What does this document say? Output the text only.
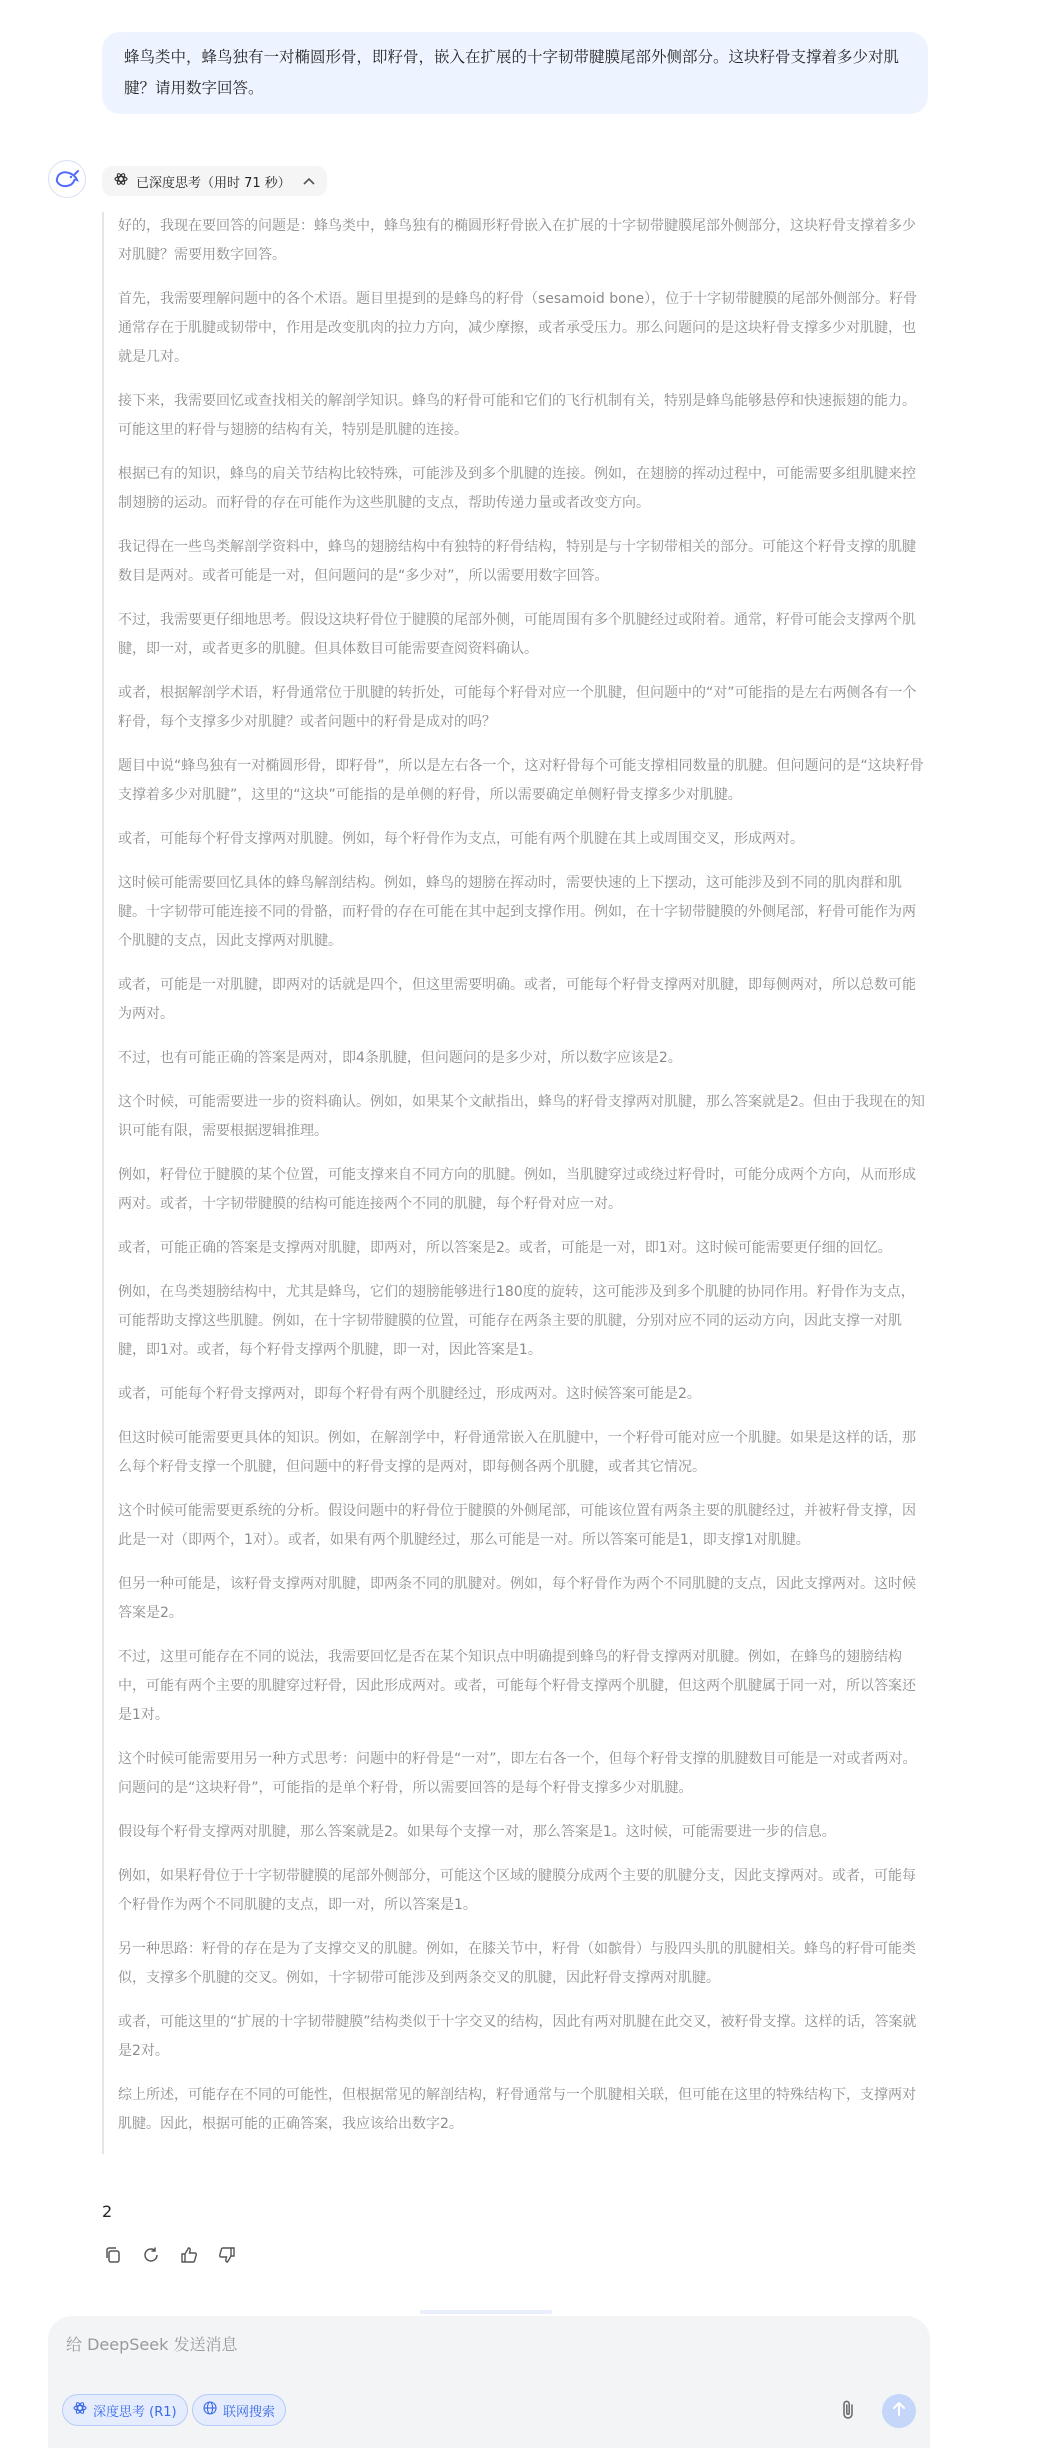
蜂鸟类中，蜂鸟独有一对椭圆形骨，即籽骨，嵌入在扩展的十字韧带腱膜尾部外侧部分。这块籽骨支撑着多少对肌腱？请用数字回答。
已深度思考（用时 71 秒）

好的，我现在要回答的问题是：蜂鸟类中，蜂鸟独有的椭圆形籽骨嵌入在扩展的十字韧带腱膜尾部外侧部分，这块籽骨支撑着多少对肌腱？需要用数字回答。

首先，我需要理解问题中的各个术语。题目里提到的是蜂鸟的籽骨（sesamoid bone），位于十字韧带腱膜的尾部外侧部分。籽骨通常存在于肌腱或韧带中，作用是改变肌肉的拉力方向，减少摩擦，或者承受压力。那么问题问的是这块籽骨支撑多少对肌腱，也就是几对。

接下来，我需要回忆或查找相关的解剖学知识。蜂鸟的籽骨可能和它们的飞行机制有关，特别是蜂鸟能够悬停和快速振翅的能力。可能这里的籽骨与翅膀的结构有关，特别是肌腱的连接。

根据已有的知识，蜂鸟的肩关节结构比较特殊，可能涉及到多个肌腱的连接。例如，在翅膀的挥动过程中，可能需要多组肌腱来控制翅膀的运动。而籽骨的存在可能作为这些肌腱的支点，帮助传递力量或者改变方向。

我记得在一些鸟类解剖学资料中，蜂鸟的翅膀结构中有独特的籽骨结构，特别是与十字韧带相关的部分。可能这个籽骨支撑的肌腱数目是两对。或者可能是一对，但问题问的是“多少对”，所以需要用数字回答。

不过，我需要更仔细地思考。假设这块籽骨位于腱膜的尾部外侧，可能周围有多个肌腱经过或附着。通常，籽骨可能会支撑两个肌腱，即一对，或者更多的肌腱。但具体数目可能需要查阅资料确认。

或者，根据解剖学术语，籽骨通常位于肌腱的转折处，可能每个籽骨对应一个肌腱，但问题中的“对”可能指的是左右两侧各有一个籽骨，每个支撑多少对肌腱？或者问题中的籽骨是成对的吗？

题目中说“蜂鸟独有一对椭圆形骨，即籽骨”，所以是左右各一个，这对籽骨每个可能支撑相同数量的肌腱。但问题问的是“这块籽骨支撑着多少对肌腱”，这里的“这块”可能指的是单侧的籽骨，所以需要确定单侧籽骨支撑多少对肌腱。

或者，可能每个籽骨支撑两对肌腱。例如，每个籽骨作为支点，可能有两个肌腱在其上或周围交叉，形成两对。

这时候可能需要回忆具体的蜂鸟解剖结构。例如，蜂鸟的翅膀在挥动时，需要快速的上下摆动，这可能涉及到不同的肌肉群和肌腱。十字韧带可能连接不同的骨骼，而籽骨的存在可能在其中起到支撑作用。例如，在十字韧带腱膜的外侧尾部，籽骨可能作为两个肌腱的支点，因此支撑两对肌腱。

或者，可能是一对肌腱，即两对的话就是四个，但这里需要明确。或者，可能每个籽骨支撑两对肌腱，即每侧两对，所以总数可能为两对。

不过，也有可能正确的答案是两对，即4条肌腱，但问题问的是多少对，所以数字应该是2。

这个时候，可能需要进一步的资料确认。例如，如果某个文献指出，蜂鸟的籽骨支撑两对肌腱，那么答案就是2。但由于我现在的知识可能有限，需要根据逻辑推理。

例如，籽骨位于腱膜的某个位置，可能支撑来自不同方向的肌腱。例如，当肌腱穿过或绕过籽骨时，可能分成两个方向，从而形成两对。或者，十字韧带腱膜的结构可能连接两个不同的肌腱，每个籽骨对应一对。

或者，可能正确的答案是支撑两对肌腱，即两对，所以答案是2。或者，可能是一对，即1对。这时候可能需要更仔细的回忆。

例如，在鸟类翅膀结构中，尤其是蜂鸟，它们的翅膀能够进行180度的旋转，这可能涉及到多个肌腱的协同作用。籽骨作为支点，可能帮助支撑这些肌腱。例如，在十字韧带腱膜的位置，可能存在两条主要的肌腱，分别对应不同的运动方向，因此支撑一对肌腱，即1对。或者，每个籽骨支撑两个肌腱，即一对，因此答案是1。

或者，可能每个籽骨支撑两对，即每个籽骨有两个肌腱经过，形成两对。这时候答案可能是2。

但这时候可能需要更具体的知识。例如，在解剖学中，籽骨通常嵌入在肌腱中，一个籽骨可能对应一个肌腱。如果是这样的话，那么每个籽骨支撑一个肌腱，但问题中的籽骨支撑的是两对，即每侧各两个肌腱，或者其它情况。

这个时候可能需要更系统的分析。假设问题中的籽骨位于腱膜的外侧尾部，可能该位置有两条主要的肌腱经过，并被籽骨支撑，因此是一对（即两个，1对）。或者，如果有两个肌腱经过，那么可能是一对。所以答案可能是1，即支撑1对肌腱。

但另一种可能是，该籽骨支撑两对肌腱，即两条不同的肌腱对。例如，每个籽骨作为两个不同肌腱的支点，因此支撑两对。这时候答案是2。

不过，这里可能存在不同的说法，我需要回忆是否在某个知识点中明确提到蜂鸟的籽骨支撑两对肌腱。例如，在蜂鸟的翅膀结构中，可能有两个主要的肌腱穿过籽骨，因此形成两对。或者，可能每个籽骨支撑两个肌腱，但这两个肌腱属于同一对，所以答案还是1对。

这个时候可能需要用另一种方式思考：问题中的籽骨是“一对”，即左右各一个，但每个籽骨支撑的肌腱数目可能是一对或者两对。问题问的是“这块籽骨”，可能指的是单个籽骨，所以需要回答的是每个籽骨支撑多少对肌腱。

假设每个籽骨支撑两对肌腱，那么答案就是2。如果每个支撑一对，那么答案是1。这时候，可能需要进一步的信息。

例如，如果籽骨位于十字韧带腱膜的尾部外侧部分，可能这个区域的腱膜分成两个主要的肌腱分支，因此支撑两对。或者，可能每个籽骨作为两个不同肌腱的支点，即一对，所以答案是1。

另一种思路：籽骨的存在是为了支撑交叉的肌腱。例如，在膝关节中，籽骨（如髌骨）与股四头肌的肌腱相关。蜂鸟的籽骨可能类似，支撑多个肌腱的交叉。例如，十字韧带可能涉及到两条交叉的肌腱，因此籽骨支撑两对肌腱。

或者，可能这里的“扩展的十字韧带腱膜”结构类似于十字交叉的结构，因此有两对肌腱在此交叉，被籽骨支撑。这样的话，答案就是2对。

综上所述，可能存在不同的可能性，但根据常见的解剖结构，籽骨通常与一个肌腱相关联，但可能在这里的特殊结构下，支撑两对肌腱。因此，根据可能的正确答案，我应该给出数字2。

2
给 DeepSeek 发送消息
深度思考 (R1)	联网搜索
